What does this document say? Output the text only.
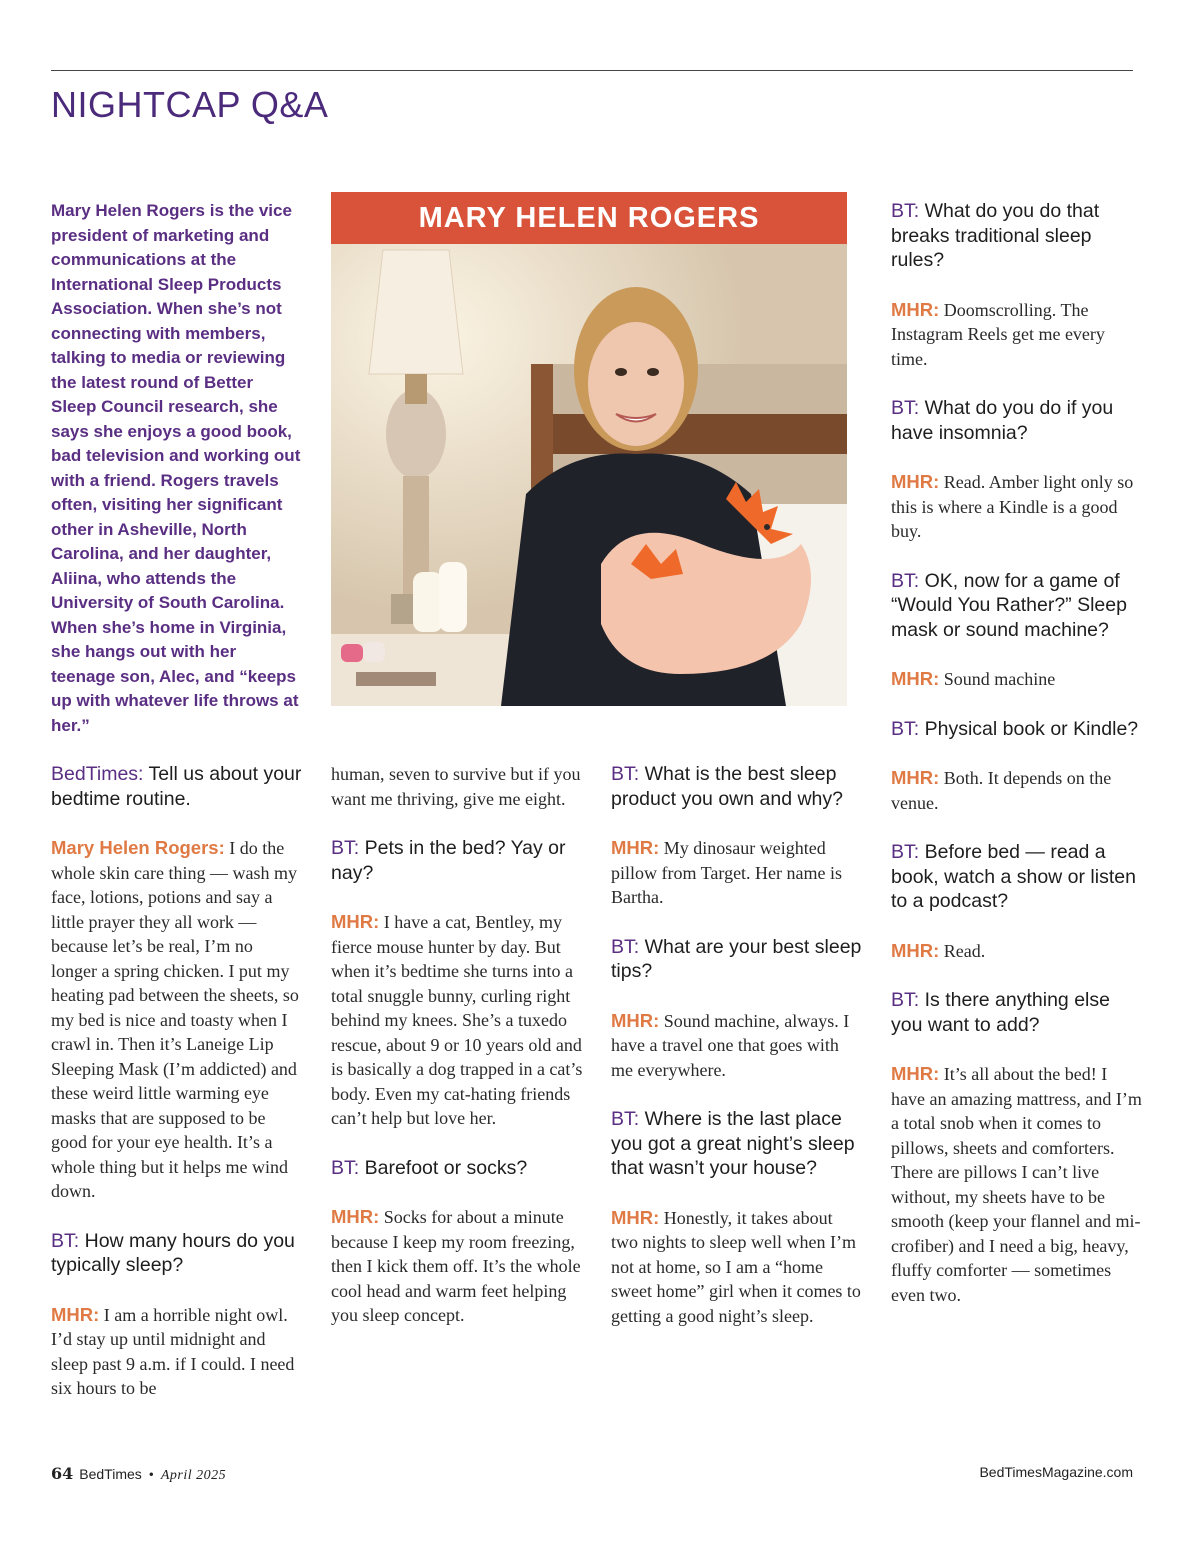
NIGHTCAP Q&A

Mary Helen Rogers is the vice president of marketing and communications at the International Sleep Products Association. When she’s not connecting with members, talking to media or reviewing the latest round of Better Sleep Council research, she says she enjoys a good book, bad television and working out with a friend. Rogers travels often, visiting her significant other in Asheville, North Carolina, and her daughter, Aliina, who attends the University of South Carolina. When she’s home in Virginia, she hangs out with her teenage son, Alec, and “keeps up with whatever life throws at her.”

MARY HELEN ROGERS

BedTimes: Tell us about your bedtime routine.

Mary Helen Rogers: I do the whole skin care thing — wash my face, lotions, potions and say a little prayer they all work — because let’s be real, I’m no longer a spring chicken. I put my heating pad between the sheets, so my bed is nice and toasty when I crawl in. Then it’s Laneige Lip Sleeping Mask (I’m addicted) and these weird little warming eye masks that are supposed to be good for your eye health. It’s a whole thing but it helps me wind down.

BT: How many hours do you typically sleep?

MHR: I am a horrible night owl. I’d stay up until midnight and sleep past 9 a.m. if I could. I need six hours to be

human, seven to survive but if you want me thriving, give me eight.

BT: Pets in the bed? Yay or nay?

MHR: I have a cat, Bentley, my fierce mouse hunter by day. But when it’s bedtime she turns into a total snuggle bunny, curling right behind my knees. She’s a tuxedo rescue, about 9 or 10 years old and is basically a dog trapped in a cat’s body. Even my cat-hating friends can’t help but love her.

BT: Barefoot or socks?

MHR: Socks for about a minute because I keep my room freezing, then I kick them off. It’s the whole cool head and warm feet helping you sleep concept.

BT: What is the best sleep product you own and why?

MHR: My dinosaur weighted pillow from Target. Her name is Bartha.

BT: What are your best sleep tips?

MHR: Sound machine, always. I have a travel one that goes with me everywhere.

BT: Where is the last place you got a great night’s sleep that wasn’t your house?

MHR: Honestly, it takes about two nights to sleep well when I’m not at home, so I am a “home sweet home” girl when it comes to getting a good night’s sleep.

BT: What do you do that breaks traditional sleep rules?

MHR: Doomscrolling. The Instagram Reels get me every time.

BT: What do you do if you have insomnia?

MHR: Read. Amber light only so this is where a Kindle is a good buy.

BT: OK, now for a game of “Would You Rather?” Sleep mask or sound machine?

MHR: Sound machine

BT: Physical book or Kindle?

MHR: Both. It depends on the venue.

BT: Before bed — read a book, watch a show or listen to a podcast?

MHR: Read.

BT: Is there anything else you want to add?

MHR: It’s all about the bed! I have an amazing mattress, and I’m a total snob when it comes to pillows, sheets and comforters. There are pillows I can’t live without, my sheets have to be smooth (keep your flannel and microfiber) and I need a big, heavy, fluffy comforter — sometimes even two.

64 BedTimes • April 2025	BedTimesMagazine.com
